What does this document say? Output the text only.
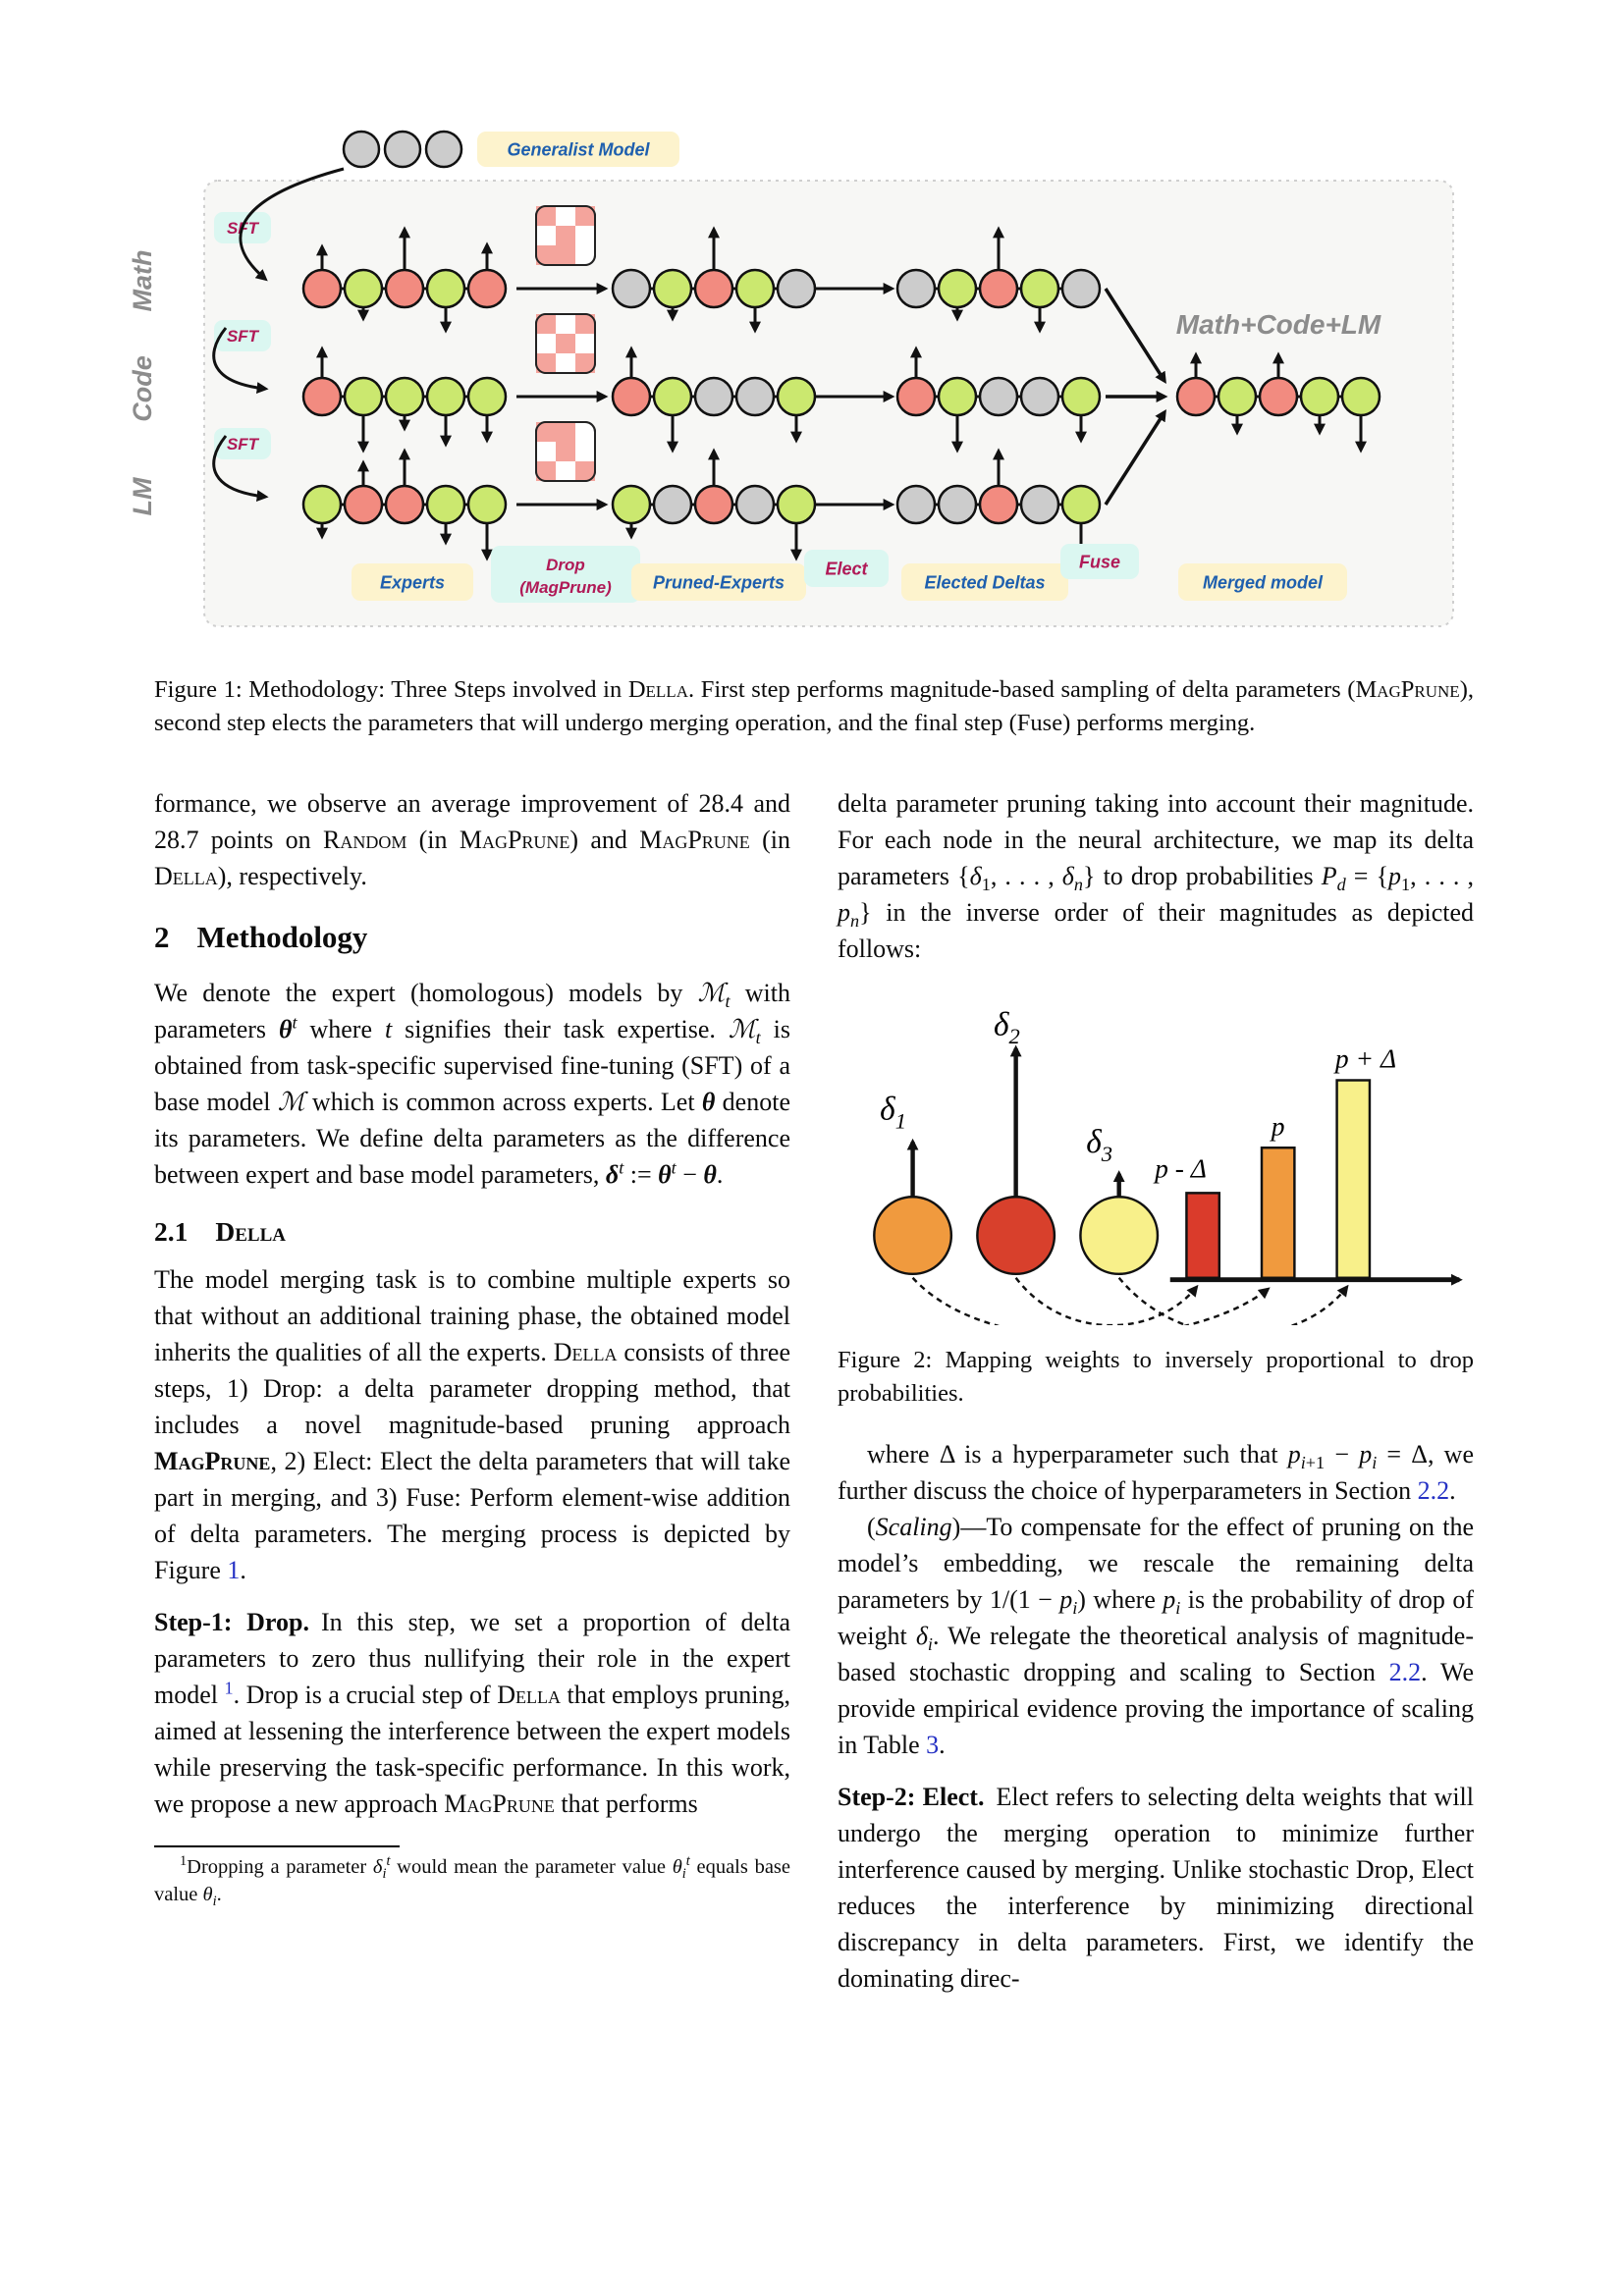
Generalist Model
Math
Code
LM
SFT
SFT
SFT
Math+Code+LM
Experts
Drop
(MagPrune) Pruned-Experts
Elect
Elected Deltas
Fuse
Merged model
Figure 1: Methodology: Three Steps involved in Della. First step performs magnitude-based sampling of delta parameters (MagPrune), second step elects the parameters that will undergo merging operation, and the final step (Fuse) performs merging.

formance, we observe an average improvement of 28.4 and 28.7 points on Random (in MagPrune) and MagPrune (in Della), respectively.

2 Methodology

We denote the expert (homologous) models by ℳ$_t$ with parameters $\theta^t$ where t signifies their task expertise. ℳ$_t$ is obtained from task-specific supervised fine-tuning (SFT) of a base model ℳ which is common across experts. Let θ denote its parameters. We define delta parameters as the difference between expert and base model parameters, $\delta^t$ := $\theta^t - \theta$.

2.1 Della

The model merging task is to combine multiple experts so that without an additional training phase, the obtained model inherits the qualities of all the experts. Della consists of three steps, 1) Drop: a delta parameter dropping method, that includes a novel magnitude-based pruning approach MagPrune, 2) Elect: Elect the delta parameters that will take part in merging, and 3) Fuse: Perform element-wise addition of delta parameters. The merging process is depicted by Figure 1.

Step-1: Drop. In this step, we set a proportion of delta parameters to zero thus nullifying their role in the expert model $^1$. Drop is a crucial step of Della that employs pruning, aimed at lessening the interference between the expert models while preserving the task-specific performance. In this work, we propose a new approach MagPrune that performs

$^1$Dropping a parameter $\delta_i^t$ would mean the parameter value $\theta_i^t$ equals base value $\theta_i$.

delta parameter pruning taking into account their magnitude. For each node in the neural architecture, we map its delta parameters {$\delta_1$, . . . , $\delta_n$} to drop probabilities $P_d = \{p_1$, . . . , $p_n$} in the inverse order of their magnitudes as depicted follows:

$\delta_1$
$\delta_2$
$\delta_3$
p - Δ
p
p + Δ

Figure 2: Mapping weights to inversely proportional to drop probabilities.

where Δ is a hyperparameter such that $p_{i+1} - p_i = \Delta$, we further discuss the choice of hyperparameters in Section 2.2.

(Scaling)—To compensate for the effect of pruning on the model’s embedding, we rescale the remaining delta parameters by $1/(1 - p_i)$ where $p_i$ is the probability of drop of weight $\delta_i$. We relegate the theoretical analysis of magnitude-based stochastic dropping and scaling to Section 2.2. We provide empirical evidence proving the importance of scaling in Table 3.

Step-2: Elect. Elect refers to selecting delta weights that will undergo the merging operation to minimize further interference caused by merging. Unlike stochastic Drop, Elect reduces the interference by minimizing directional discrepancy in delta parameters. First, we identify the dominating direc-
